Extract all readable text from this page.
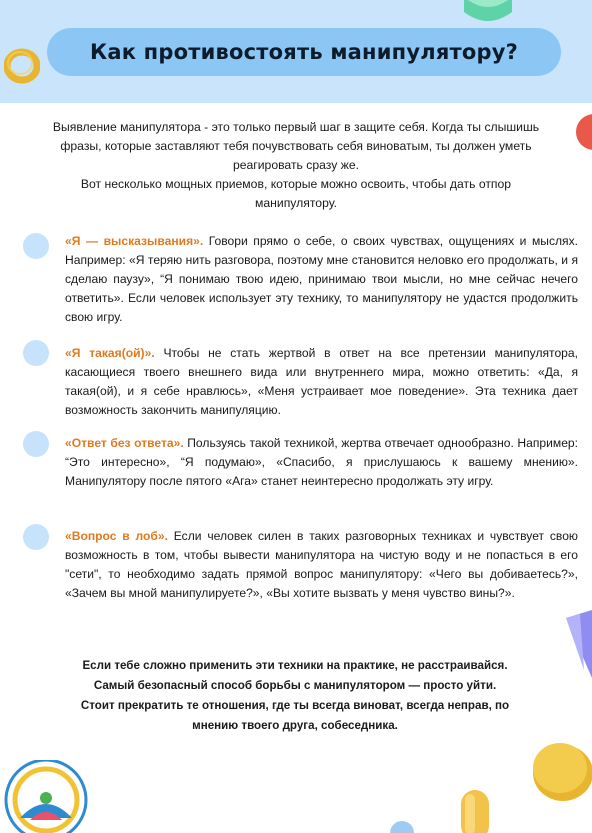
Как противостоять манипулятору?

Выявление манипулятора - это только первый шаг в защите себя. Когда ты слышишь фразы, которые заставляют тебя почувствовать себя виноватым, ты должен уметь реагировать сразу же.

Вот несколько мощных приемов, которые можно освоить, чтобы дать отпор манипулятору.

«Я — высказывания». Говори прямо о себе, о своих чувствах, ощущениях и мыслях. Например: «Я теряю нить разговора, поэтому мне становится неловко его продолжать, и я сделаю паузу», “Я понимаю твою идею, принимаю твои мысли, но мне сейчас нечего ответить». Если человек использует эту технику, то манипулятору не удастся продолжить свою игру.
«Я такая(ой)». Чтобы не стать жертвой в ответ на все претензии манипулятора, касающиеся твоего внешнего вида или внутреннего мира, можно ответить: «Да, я такая(ой), и я себе нравлюсь», «Меня устраивает мое поведение». Эта техника дает возможность закончить манипуляцию.
«Ответ без ответа». Пользуясь такой техникой, жертва отвечает однообразно. Например: “Это интересно», “Я подумаю», «Спасибо, я прислушаюсь к вашему мнению». Манипулятору после пятого «Ага» станет неинтересно продолжать эту игру.
«Вопрос в лоб». Если человек силен в таких разговорных техниках и чувствует свою возможность в том, чтобы вывести манипулятора на чистую воду и не попасться в его "сети", то необходимо задать прямой вопрос манипулятору: «Чего вы добиваетесь?», «Зачем вы мной манипулируете?», «Вы хотите вызвать у меня чувство вины?».

Если тебе сложно применить эти техники на практике, не расстраивайся.

Самый безопасный способ борьбы с манипулятором — просто уйти.

Стоит прекратить те отношения, где ты всегда виноват, всегда неправ, по мнению твоего друга, собеседника.
